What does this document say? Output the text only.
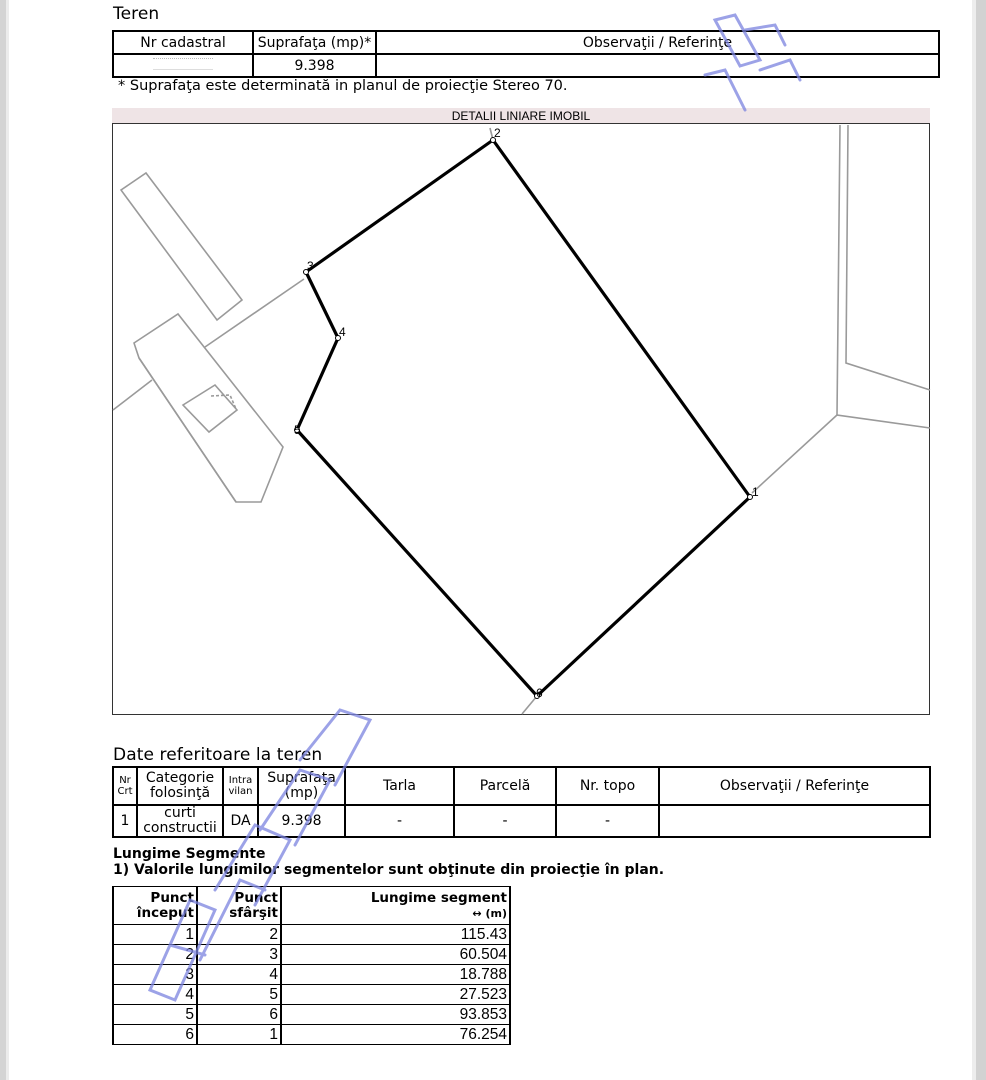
Teren
Nr cadastral	Suprafaţa (mp)*	Observaţii / Referinţe
	9.398	
* Suprafaţa este determinată in planul de proiecţie Stereo 70.
DETALII LINIARE IMOBIL
1
2
3
4
5
6
Date referitoare la teren
Nr
Crt

Categorie
folosinţă

Intra
vilan

Suprafaţa
(mp)	Tarla	Parcelă	Nr. topo	Observaţii / Referinţe
1	curti
constructii	DA	9.398	-	-	-	
Lungime Segmente
1) Valorile lungimilor segmentelor sunt obţinute din proiecţie în plan.
Punct
început

Punct
sfârşit

Lungime segment
↔ (m)

1	2	115.43
2	3	60.504
3	4	18.788
4	5	27.523
5	6	93.853
6	1	76.254
